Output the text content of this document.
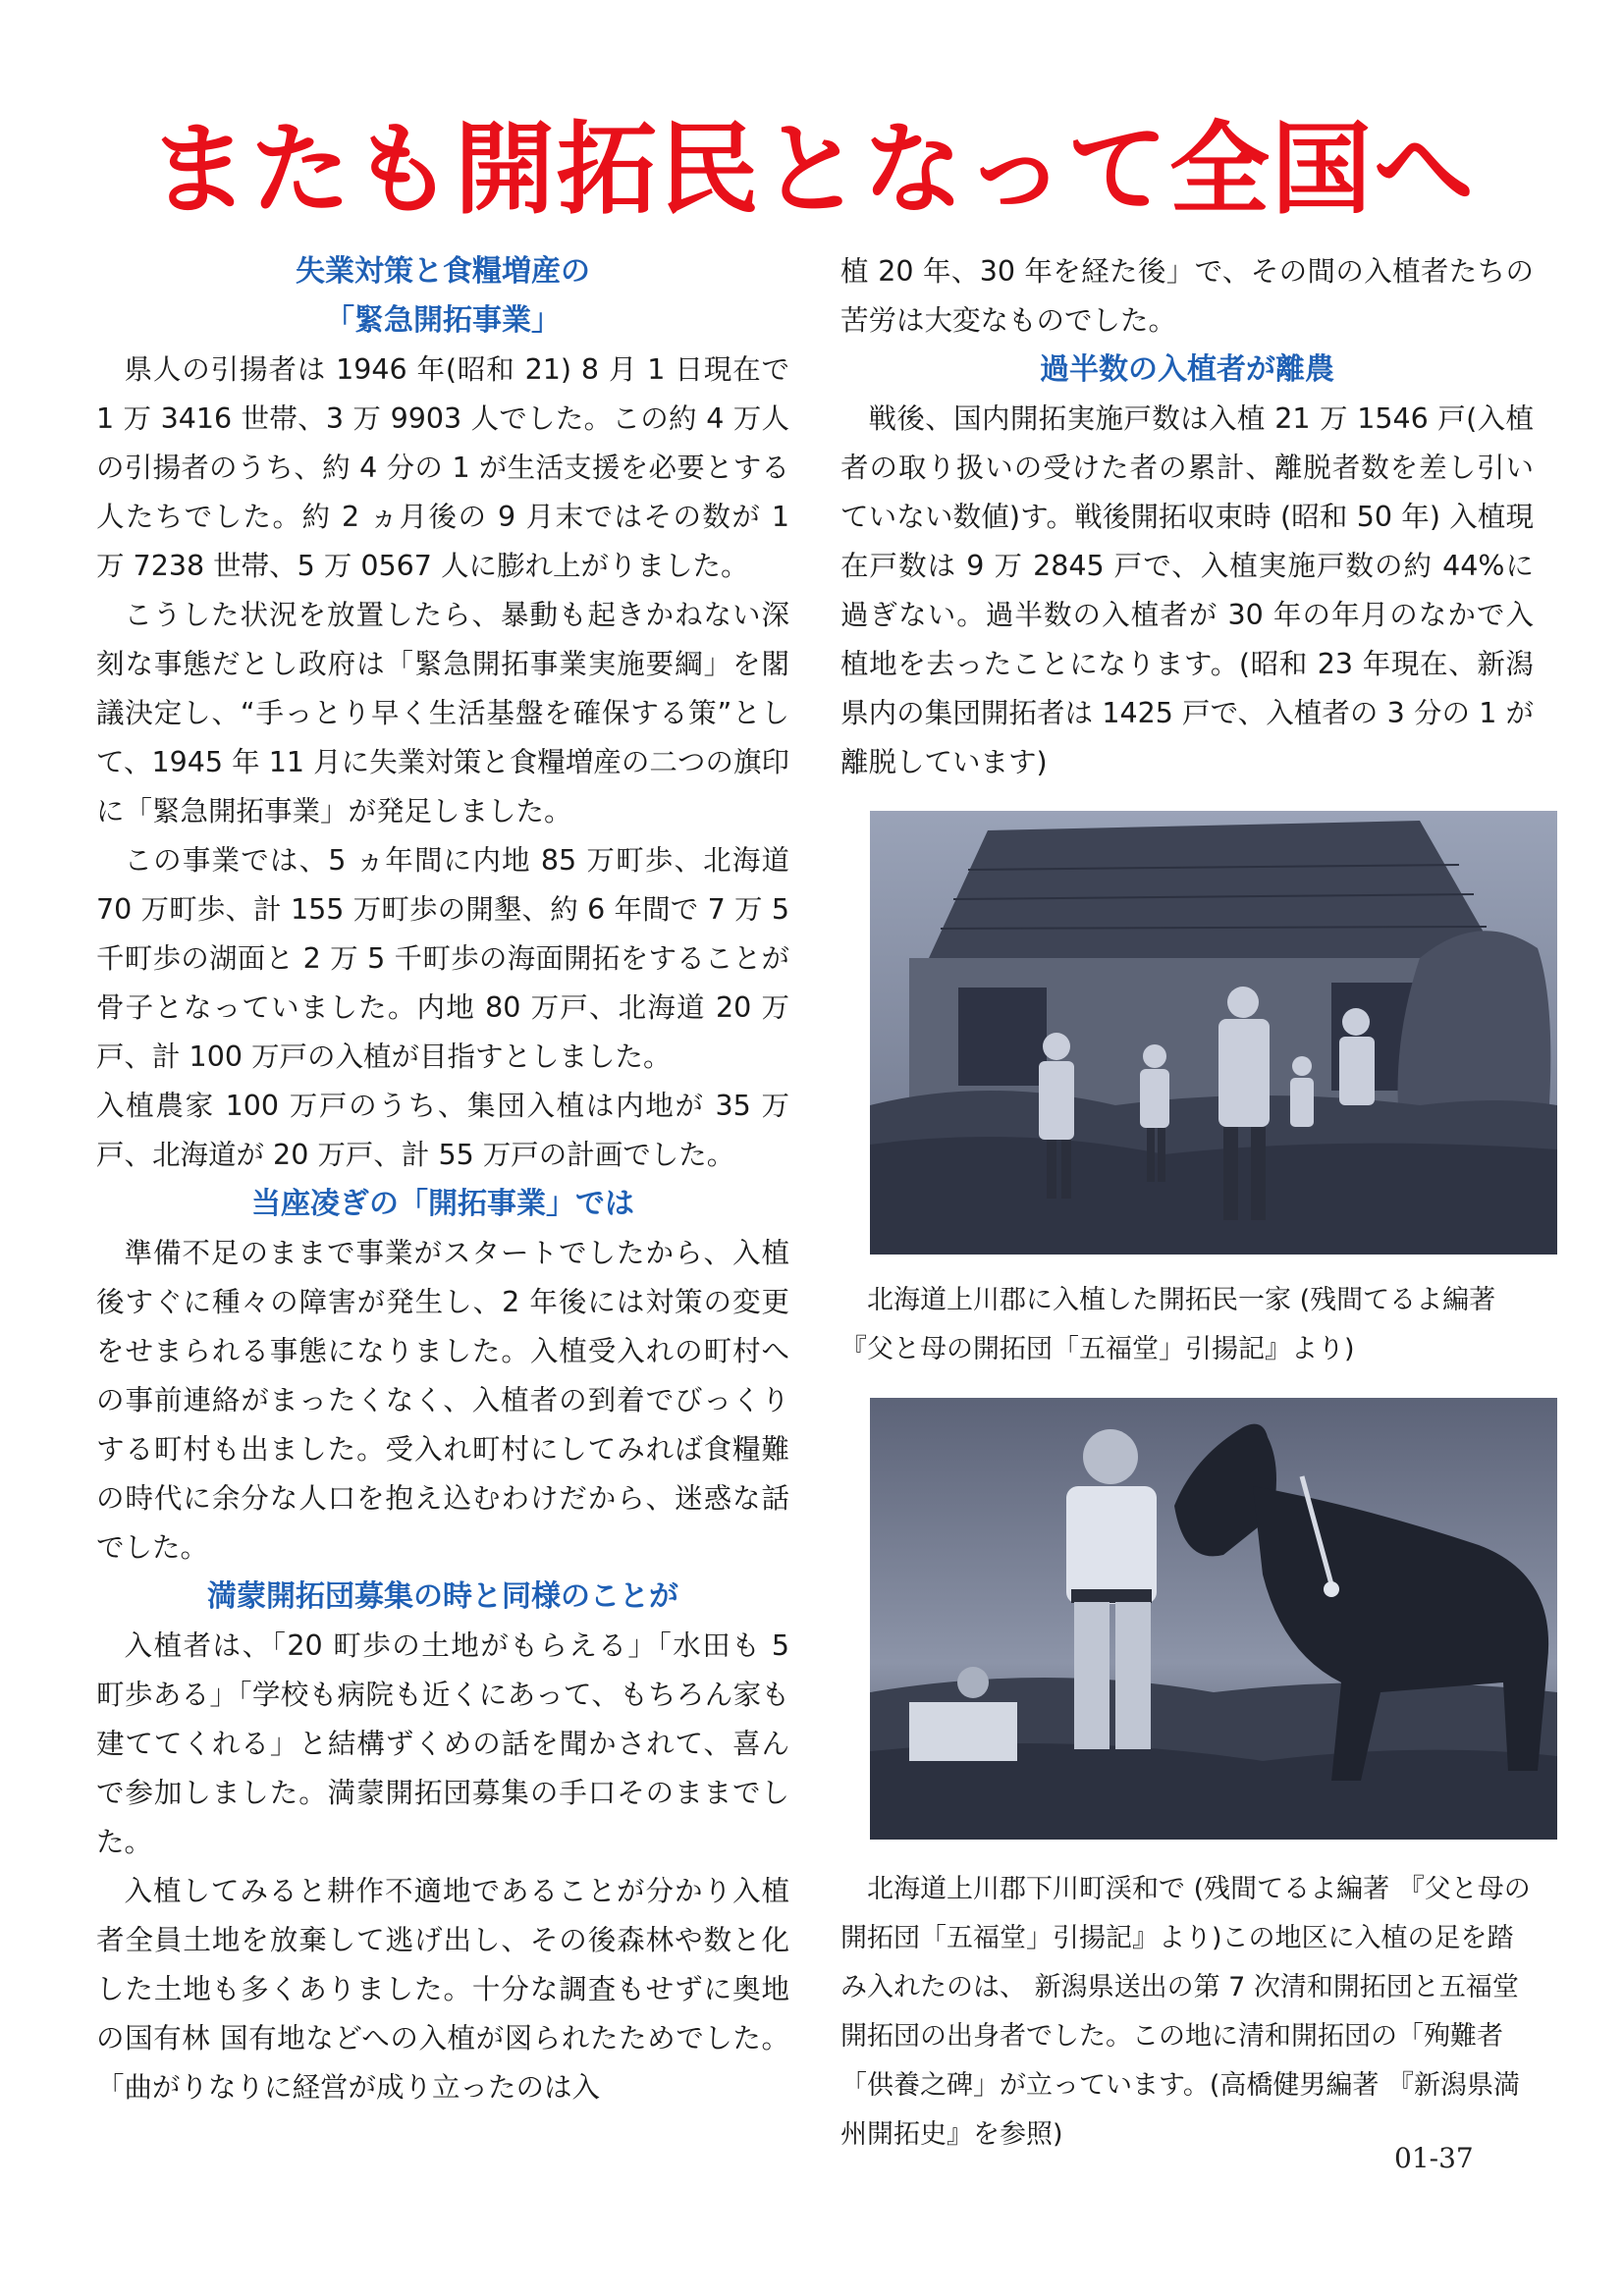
またも開拓民となって全国へ

失業対策と食糧増産の

「緊急開拓事業」

県人の引揚者は 1946 年(昭和 21) 8 月 1 日現在で 1 万 3416 世帯、3 万 9903 人でした。この約 4 万人の引揚者のうち、約 4 分の 1 が生活支援を必要とする人たちでした。約 2 ヵ月後の 9 月末ではその数が 1 万 7238 世帯、5 万 0567 人に膨れ上がりました。

こうした状況を放置したら、暴動も起きかねない深刻な事態だとし政府は「緊急開拓事業実施要綱」を閣議決定し、“手っとり早く生活基盤を確保する策”として、1945 年 11 月に失業対策と食糧増産の二つの旗印に「緊急開拓事業」が発足しました。

この事業では、5 ヵ年間に内地 85 万町歩、北海道 70 万町歩、計 155 万町歩の開墾、約 6 年間で 7 万 5 千町歩の湖面と 2 万 5 千町歩の海面開拓をすることが骨子となっていました。内地 80 万戸、北海道 20 万戸、計 100 万戸の入植が目指すとしました。

入植農家 100 万戸のうち、集団入植は内地が 35 万戸、北海道が 20 万戸、計 55 万戸の計画でした。

当座凌ぎの「開拓事業」では

準備不足のままで事業がスタートでしたから、入植後すぐに種々の障害が発生し、2 年後には対策の変更をせまられる事態になりました。入植受入れの町村への事前連絡がまったくなく、入植者の到着でびっくりする町村も出ました。受入れ町村にしてみれば食糧難の時代に余分な人口を抱え込むわけだから、迷惑な話でした。

満蒙開拓団募集の時と同様のことが

入植者は、「20 町歩の土地がもらえる」「水田も 5 町歩ある」「学校も病院も近くにあって、もちろん家も建ててくれる」と結構ずくめの話を聞かされて、喜んで参加しました。満蒙開拓団募集の手口そのままでした。

入植してみると耕作不適地であることが分かり入植者全員土地を放棄して逃げ出し、その後森林や数と化した土地も多くありました。十分な調査もせずに奥地の国有林 国有地などへの入植が図られたためでした。「曲がりなりに経営が成り立ったのは入

植 20 年、30 年を経た後」で、その間の入植者たちの苦労は大変なものでした。

過半数の入植者が離農

戦後、国内開拓実施戸数は入植 21 万 1546 戸(入植者の取り扱いの受けた者の累計、離脱者数を差し引いていない数値)す。戦後開拓収束時 (昭和 50 年) 入植現在戸数は 9 万 2845 戸で、入植実施戸数の約 44%に過ぎない。過半数の入植者が 30 年の年月のなかで入植地を去ったことになります。(昭和 23 年現在、新潟県内の集団開拓者は 1425 戸で、入植者の 3 分の 1 が離脱しています)

北海道上川郡に入植した開拓民一家 (残間てるよ編著 『父と母の開拓団「五福堂」引揚記』より)

北海道上川郡下川町渓和で (残間てるよ編著 『父と母の開拓団「五福堂」引揚記』より)この地区に入植の足を踏み入れたのは、 新潟県送出の第 7 次清和開拓団と五福堂開拓団の出身者でした。この地に清和開拓団の「殉難者「供養之碑」が立っています。(高橋健男編著 『新潟県満州開拓史』を参照)

01-37
